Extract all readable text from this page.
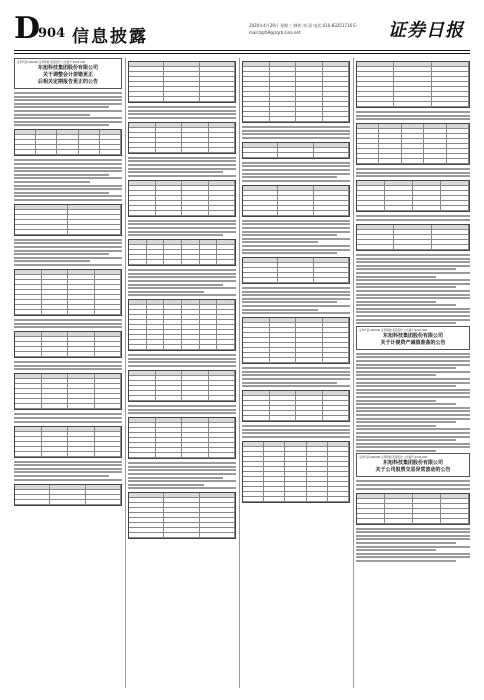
D
904 信息披露
2020年4月29日 星期三 制作:刘 清 电话:010-83251716 E-mail:zqrb9@zqrb.sina.net	证券日报
证券代码:000000 证券简称:某某股份 公告编号:2020-000
东旭科技集团股份有限公司
关于调整会计差错更正
后相关定期报告更正的公告
证券代码:000000 证券简称:某某股份 公告编号:2020-000
东旭科技集团股份有限公司
关于计提资产减值准备的公告
证券代码:000000 证券简称:某某股份 公告编号:2020-000
东旭科技集团股份有限公司
关于公司股票交易异常波动的公告
